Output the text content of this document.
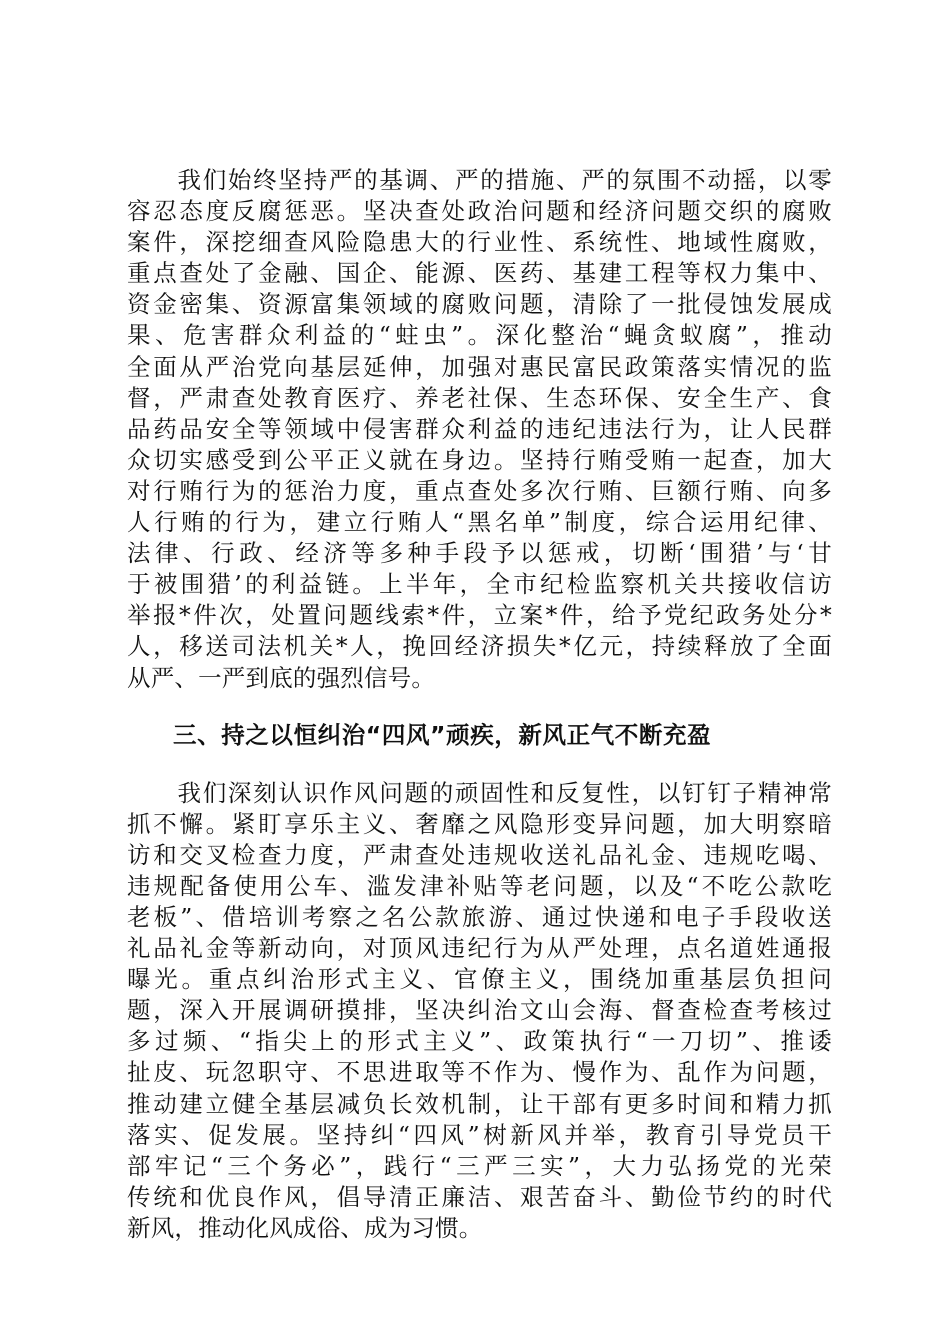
　　我们始终坚持严的基调、严的措施、严的氛围不动摇，以零
容忍态度反腐惩恶。坚决查处政治问题和经济问题交织的腐败
案件，深挖细查风险隐患大的行业性、系统性、地域性腐败，
重点查处了金融、国企、能源、医药、基建工程等权力集中、
资金密集、资源富集领域的腐败问题，清除了一批侵蚀发展成
果、危害群众利益的“蛀虫”。深化整治“蝇贪蚁腐”，推动
全面从严治党向基层延伸，加强对惠民富民政策落实情况的监
督，严肃查处教育医疗、养老社保、生态环保、安全生产、食
品药品安全等领域中侵害群众利益的违纪违法行为，让人民群
众切实感受到公平正义就在身边。坚持行贿受贿一起查，加大
对行贿行为的惩治力度，重点查处多次行贿、巨额行贿、向多
人行贿的行为，建立行贿人“黑名单”制度，综合运用纪律、
法律、行政、经济等多种手段予以惩戒，切断‘围猎’与‘甘
于被围猎’的利益链。上半年，全市纪检监察机关共接收信访
举报*件次，处置问题线索*件，立案*件，给予党纪政务处分*
人，移送司法机关*人，挽回经济损失*亿元，持续释放了全面
从严、一严到底的强烈信号。
三、持之以恒纠治“四风”顽疾，新风正气不断充盈
　　我们深刻认识作风问题的顽固性和反复性，以钉钉子精神常
抓不懈。紧盯享乐主义、奢靡之风隐形变异问题，加大明察暗
访和交叉检查力度，严肃查处违规收送礼品礼金、违规吃喝、
违规配备使用公车、滥发津补贴等老问题，以及“不吃公款吃
老板”、借培训考察之名公款旅游、通过快递和电子手段收送
礼品礼金等新动向，对顶风违纪行为从严处理，点名道姓通报
曝光。重点纠治形式主义、官僚主义，围绕加重基层负担问
题，深入开展调研摸排，坚决纠治文山会海、督查检查考核过
多过频、“指尖上的形式主义”、政策执行“一刀切”、推诿
扯皮、玩忽职守、不思进取等不作为、慢作为、乱作为问题，
推动建立健全基层减负长效机制，让干部有更多时间和精力抓
落实、促发展。坚持纠“四风”树新风并举，教育引导党员干
部牢记“三个务必”，践行“三严三实”，大力弘扬党的光荣
传统和优良作风，倡导清正廉洁、艰苦奋斗、勤俭节约的时代
新风，推动化风成俗、成为习惯。
